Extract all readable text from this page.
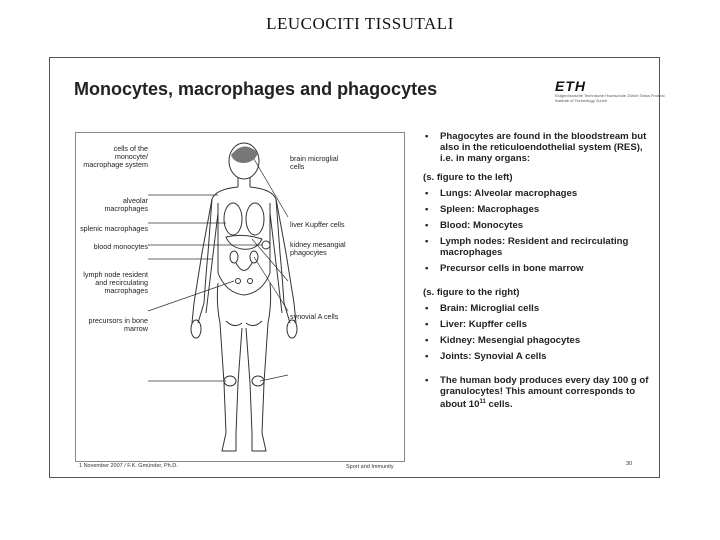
LEUCOCITI TISSUTALI
Monocytes, macrophages and phagocytes	ETH
Eidgenössische Technische Hochschule Zürich Swiss Federal Institute of Technology Zurich
cells of the monocyte/ macrophage system
alveolar macrophages
splenic macrophages
blood monocytes
lymph node resident and recirculating macrophages
precursors in bone marrow
brain microglial cells
liver Kupffer cells
kidney mesangial phagocytes
synovial A cells
• Phagocytes are found in the bloodstream but also in the reticuloendothelial system (RES), i.e. in many organs:
(s. figure to the left)
• Lungs: Alveolar macrophages
• Spleen: Macrophages
• Blood: Monocytes
• Lymph nodes: Resident and recirculating macrophages
• Precursor cells in bone marrow
(s. figure to the right)
• Brain: Microglial cells
• Liver: Kupffer cells
• Kidney: Mesengial phagocytes
• Joints: Synovial A cells
• The human body produces every day 100 g of granulocytes! This amount corresponds to about $10^{11}$ cells.
1 November 2007 / F.K. Gmünder, Ph.D.	Sport and Immunity	30
